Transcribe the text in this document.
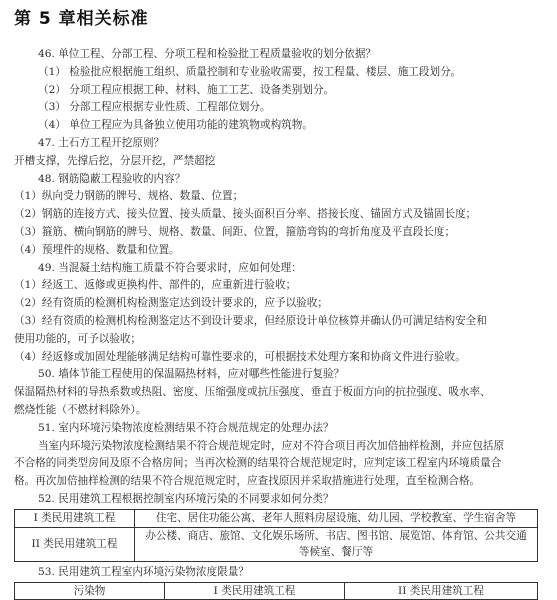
第 5 章相关标准
46. 单位工程、分部工程、分项工程和检验批工程质量验收的划分依据？
（1） 检验批应根据施工组织、质量控制和专业验收需要，按工程量、楼层、施工段划分。
（2） 分项工程应根据工种、材料、施工工艺、设备类别划分。
（3） 分部工程应根据专业性质、工程部位划分。
（4） 单位工程应为具备独立使用功能的建筑物或构筑物。
47. 土石方工程开挖原则？
开槽支撑，先撑后挖，分层开挖，严禁超挖
48. 钢筋隐蔽工程验收的内容？
（1）纵向受力钢筋的牌号、规格、数量、位置；
（2）钢筋的连接方式、接头位置、接头质量、接头面积百分率、搭接长度、锚固方式及锚固长度；
（3）箍筋、横向钢筋的牌号、规格、数量、间距、位置，箍筋弯钩的弯折角度及平直段长度；
（4）预埋件的规格、数量和位置。
49. 当混凝土结构施工质量不符合要求时，应如何处理：
（1）经返工、返修或更换构件、部件的，应重新进行验收；
（2）经有资质的检测机构检测鉴定达到设计要求的，应予以验收；
（3）经有资质的检测机构检测鉴定达不到设计要求，但经原设计单位核算并确认仍可满足结构安全和
使用功能的，可予以验收；
（4）经返修或加固处理能够满足结构可靠性要求的，可根据技术处理方案和协商文件进行验收。
50. 墙体节能工程使用的保温隔热材料，应对哪些性能进行复验？
保温隔热材料的导热系数或热阻、密度、压缩强度或抗压强度、垂直于板面方向的抗拉强度、吸水率、
燃烧性能（不燃材料除外）。
51. 室内环境污染物浓度检测结果不符合规范规定的处理办法？
当室内环境污染物浓度检测结果不符合规范规定时，应对不符合项目再次加倍抽样检测，并应包括原
不合格的同类型房间及原不合格房间；当再次检测的结果符合规范规定时，应判定该工程室内环境质量合
格。再次加倍抽样检测的结果不符合规范规定时，应查找原因并采取措施进行处理，直至检测合格。
52. 民用建筑工程根据控制室内环境污染的不同要求如何分类？
I 类民用建筑工程	住宅、居住功能公寓、老年人照料房屋设施、幼儿园、学校教室、学生宿舍等
II 类民用建筑工程	办公楼、商店、旅馆、文化娱乐场所、书店、图书馆、展览馆、体育馆、公共交通
等候室、餐厅等
53. 民用建筑工程室内环境污染物浓度限量？
污染物	I 类民用建筑工程	II 类民用建筑工程
